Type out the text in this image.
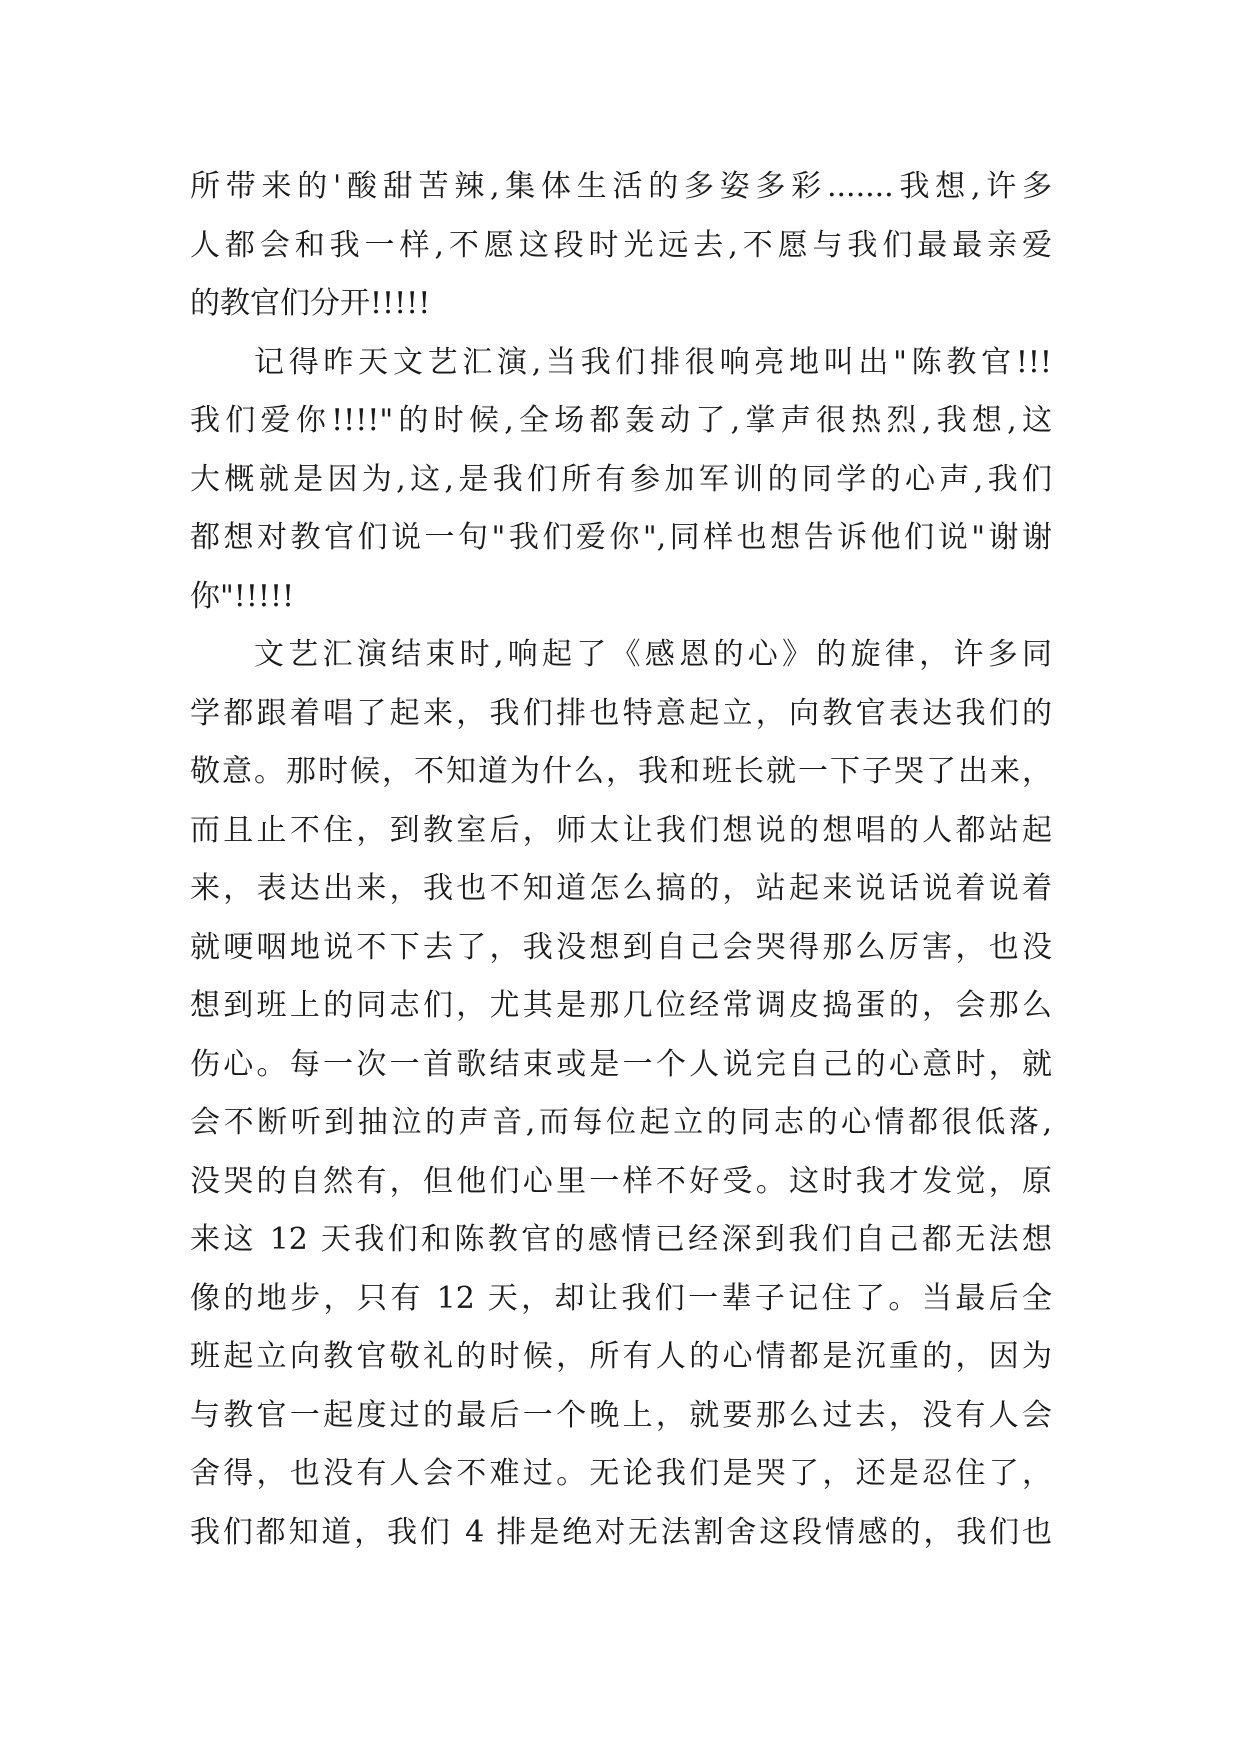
所带来的'酸甜苦辣,集体生活的多姿多彩.......我想,许多
人都会和我一样,不愿这段时光远去,不愿与我们最最亲爱
的教官们分开!!!!!
记得昨天文艺汇演,当我们排很响亮地叫出"陈教官!!!
我们爱你!!!!"的时候,全场都轰动了,掌声很热烈,我想,这
大概就是因为,这,是我们所有参加军训的同学的心声,我们
都想对教官们说一句"我们爱你",同样也想告诉他们说"谢谢
你"!!!!!
文艺汇演结束时,响起了《感恩的心》的旋律，许多同
学都跟着唱了起来，我们排也特意起立，向教官表达我们的
敬意。那时候，不知道为什么，我和班长就一下子哭了出来，
而且止不住，到教室后，师太让我们想说的想唱的人都站起
来，表达出来，我也不知道怎么搞的，站起来说话说着说着
就哽咽地说不下去了，我没想到自己会哭得那么厉害，也没
想到班上的同志们，尤其是那几位经常调皮捣蛋的，会那么
伤心。每一次一首歌结束或是一个人说完自己的心意时，就
会不断听到抽泣的声音,而每位起立的同志的心情都很低落,
没哭的自然有，但他们心里一样不好受。这时我才发觉，原
来这 12 天我们和陈教官的感情已经深到我们自己都无法想
像的地步，只有 12 天，却让我们一辈子记住了。当最后全
班起立向教官敬礼的时候，所有人的心情都是沉重的，因为
与教官一起度过的最后一个晚上，就要那么过去，没有人会
舍得，也没有人会不难过。无论我们是哭了，还是忍住了，
我们都知道，我们 4 排是绝对无法割舍这段情感的，我们也
